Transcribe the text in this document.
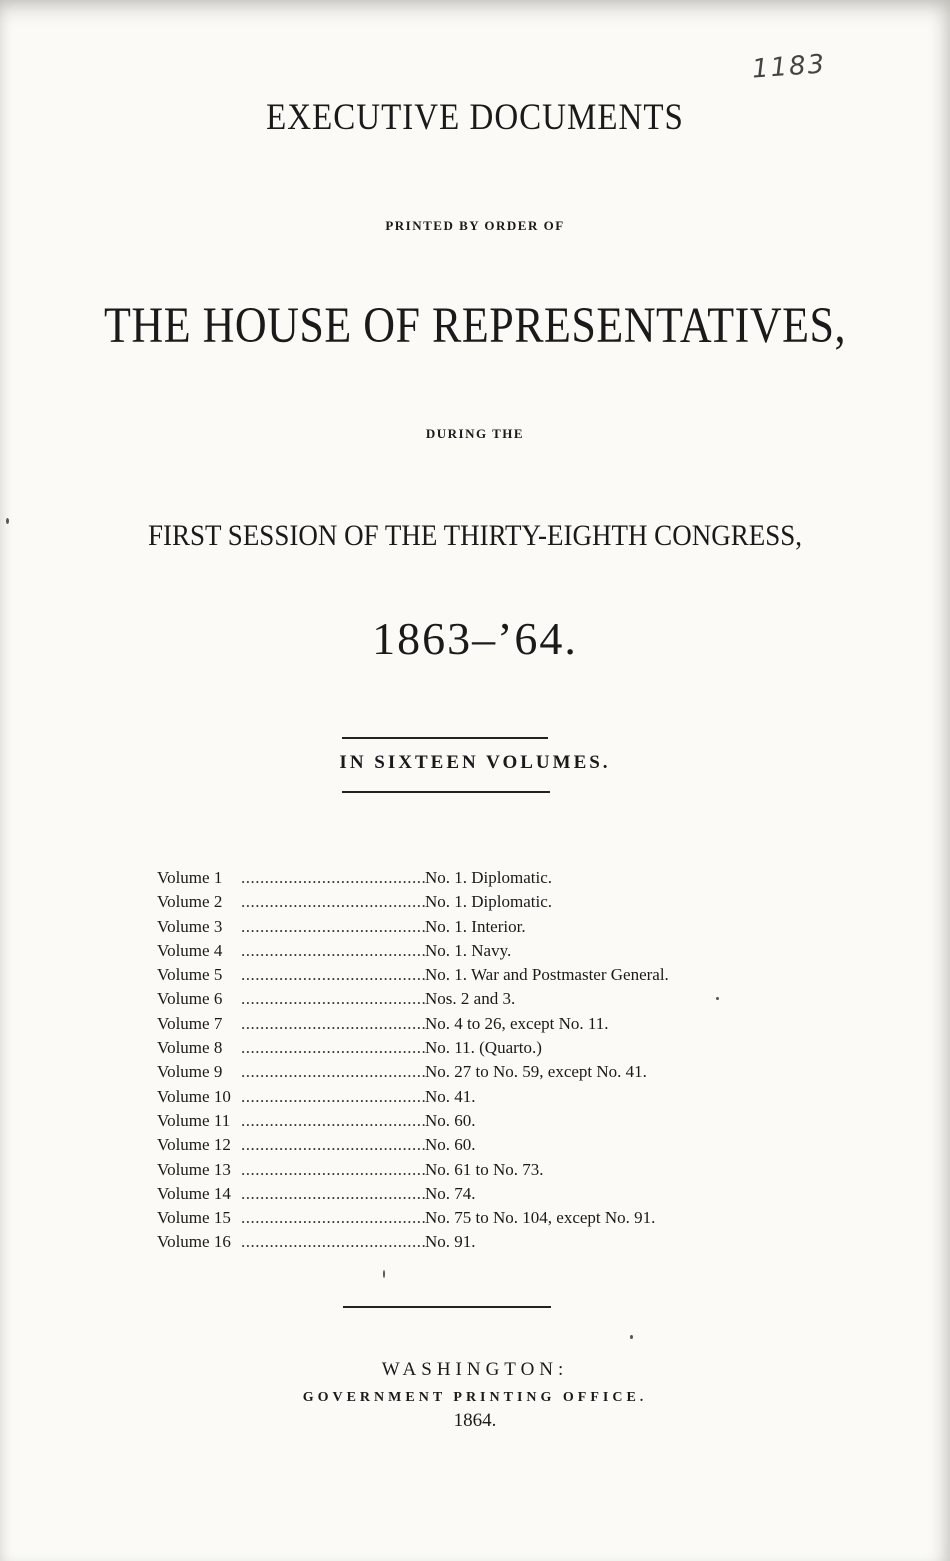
1183
EXECUTIVE DOCUMENTS
PRINTED BY ORDER OF
THE HOUSE OF REPRESENTATIVES,
DURING THE
FIRST SESSION OF THE THIRTY-EIGHTH CONGRESS,
1863–’64.
IN SIXTEEN VOLUMES.
Volume 1 .....	No. 1. Diplomatic.
Volume 2 .....	No. 1. Diplomatic.
Volume 3 .....	No. 1. Interior.
Volume 4 .....	No. 1. Navy.
Volume 5 .....	No. 1. War and Postmaster General.
Volume 6 .....	Nos. 2 and 3.
Volume 7 .....	No. 4 to 26, except No. 11.
Volume 8 .....	No. 11. (Quarto.)
Volume 9 .....	No. 27 to No. 59, except No. 41.
Volume 10 .....	No. 41.
Volume 11 .....	No. 60.
Volume 12 .....	No. 60.
Volume 13 .....	No. 61 to No. 73.
Volume 14 .....	No. 74.
Volume 15 .....	No. 75 to No. 104, except No. 91.
Volume 16 .....	No. 91.
WASHINGTON:
GOVERNMENT PRINTING OFFICE.
1864.
